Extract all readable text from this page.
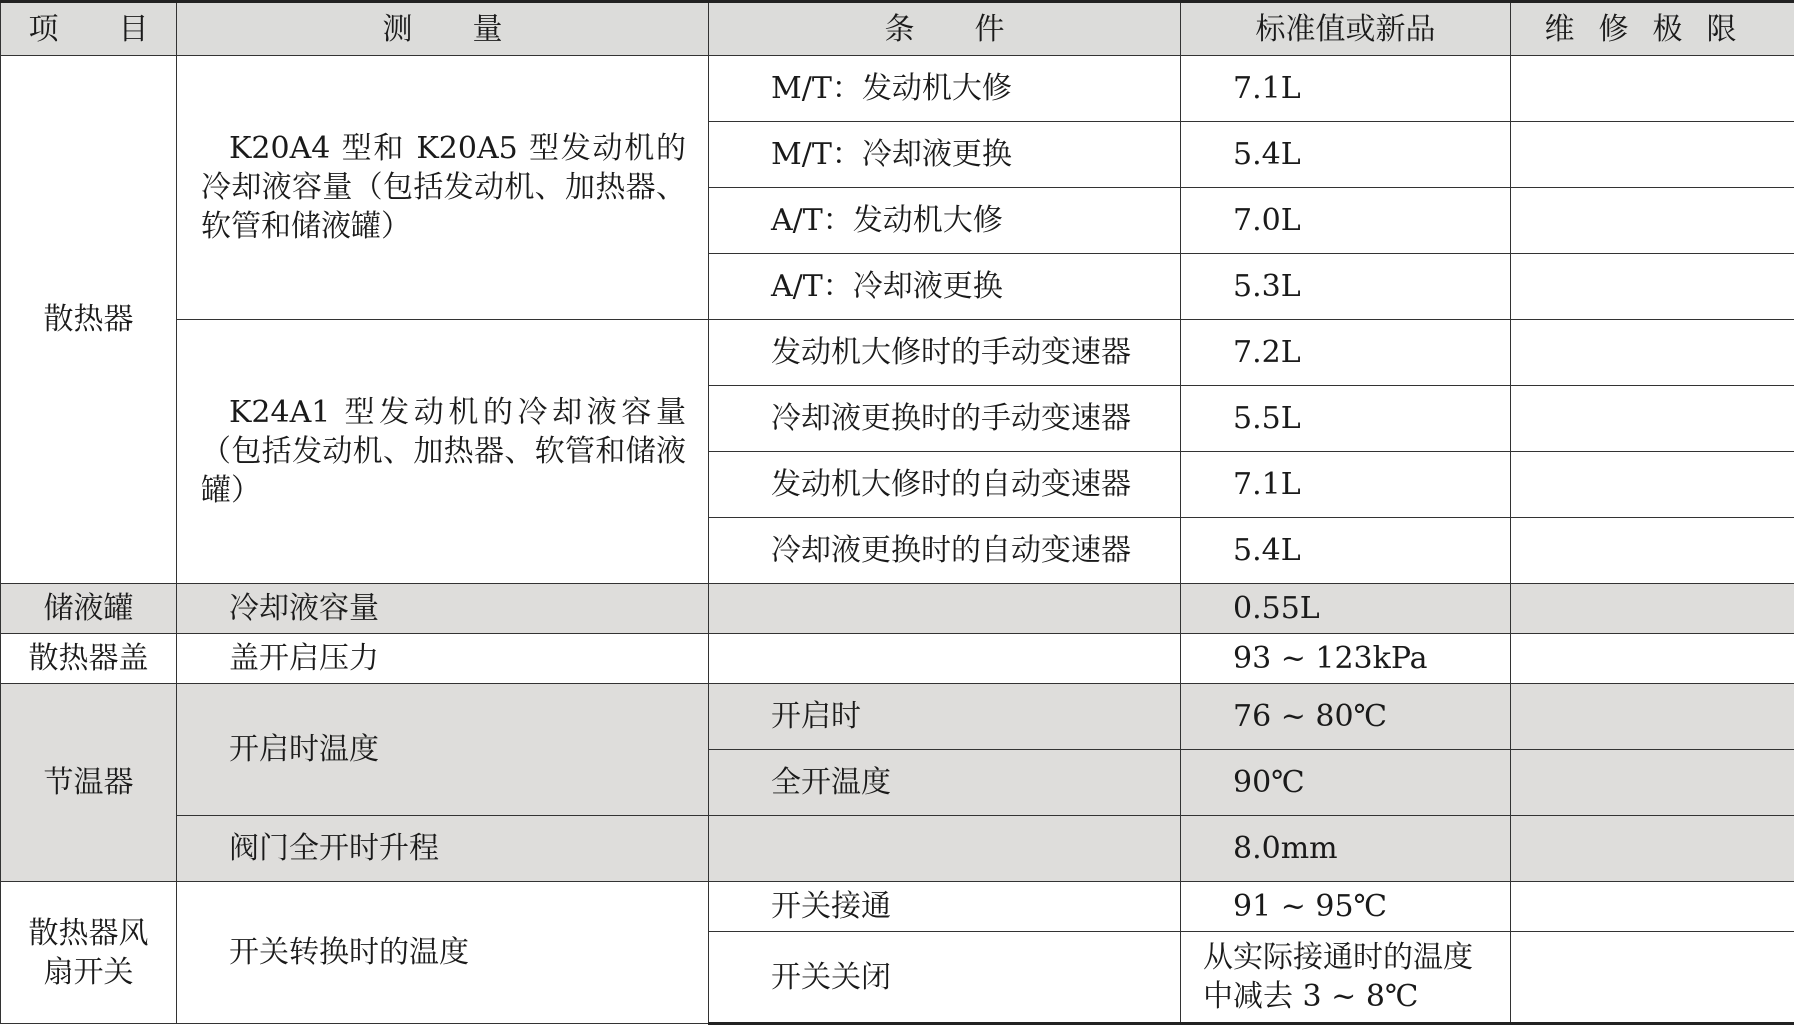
项　　目	测　　量	条　　件	标准值或新品	维修极限
散热器	K20A4 型和 K20A5 型发动机的冷却液容量（包括发动机、加热器、软管和储液罐）	M/T：发动机大修	7.1L	
		M/T：冷却液更换	5.4L	
		A/T：发动机大修	7.0L	
		A/T：冷却液更换	5.3L	
	K24A1 型发动机的冷却液容量（包括发动机、加热器、软管和储液罐）	发动机大修时的手动变速器	7.2L	
		冷却液更换时的手动变速器	5.5L	
		发动机大修时的自动变速器	7.1L	
		冷却液更换时的自动变速器	5.4L	
储液罐	冷却液容量		0.55L	
散热器盖	盖开启压力		93 ~ 123kPa	
节温器	开启时温度	开启时	76 ~ 80℃	
		全开温度	90℃	
	阀门全开时升程		8.0mm	
散热器风扇开关	开关转换时的温度	开关接通	91 ~ 95℃	
		开关关闭	从实际接通时的温度中减去 3 ~ 8℃	
